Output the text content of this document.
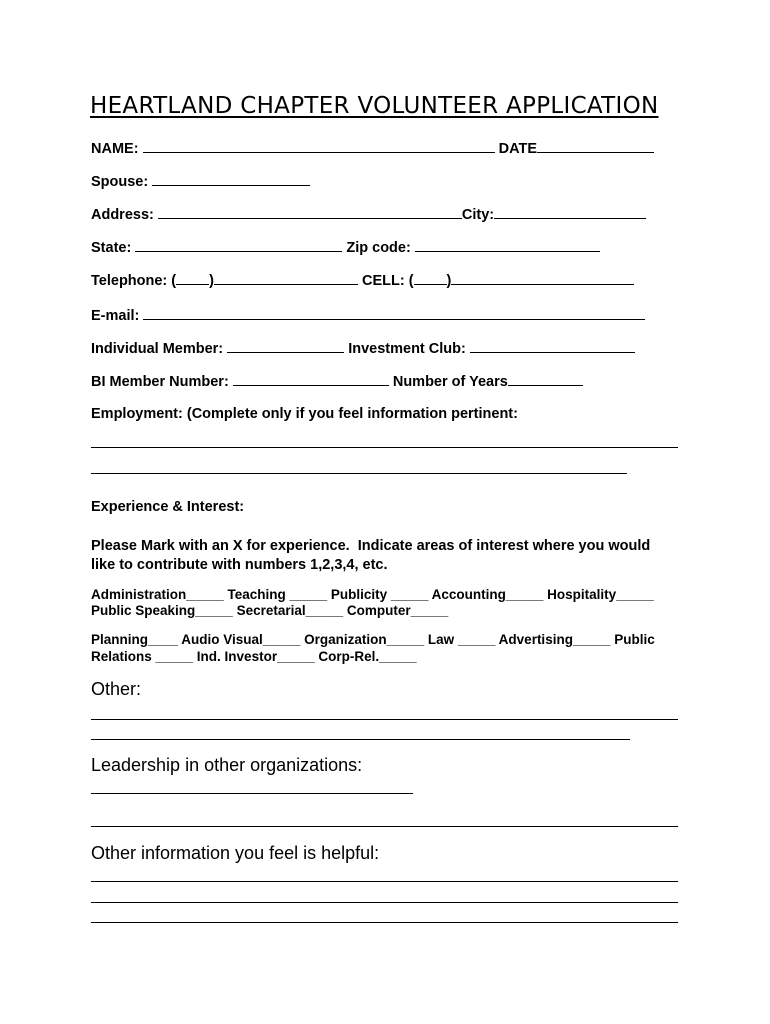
HEARTLAND CHAPTER VOLUNTEER APPLICATION
NAME:	DATE
Spouse:
Address:	City:
State:	Zip code:
Telephone: ( )	CELL: ( )
E-mail:
Individual Member:	Investment Club:
BI Member Number:	Number of Years
Employment: (Complete only if you feel information pertinent:
Experience & Interest:
Please Mark with an X for experience.  Indicate areas of interest where you would
like to contribute with numbers 1,2,3,4, etc.
Administration_____ Teaching _____ Publicity _____ Accounting_____ Hospitality_____
Public Speaking_____ Secretarial_____ Computer_____
Planning____ Audio Visual_____ Organization_____ Law _____ Advertising_____ Public
Relations _____ Ind. Investor_____ Corp-Rel._____
Other:
Leadership in other organizations:
Other information you feel is helpful:
